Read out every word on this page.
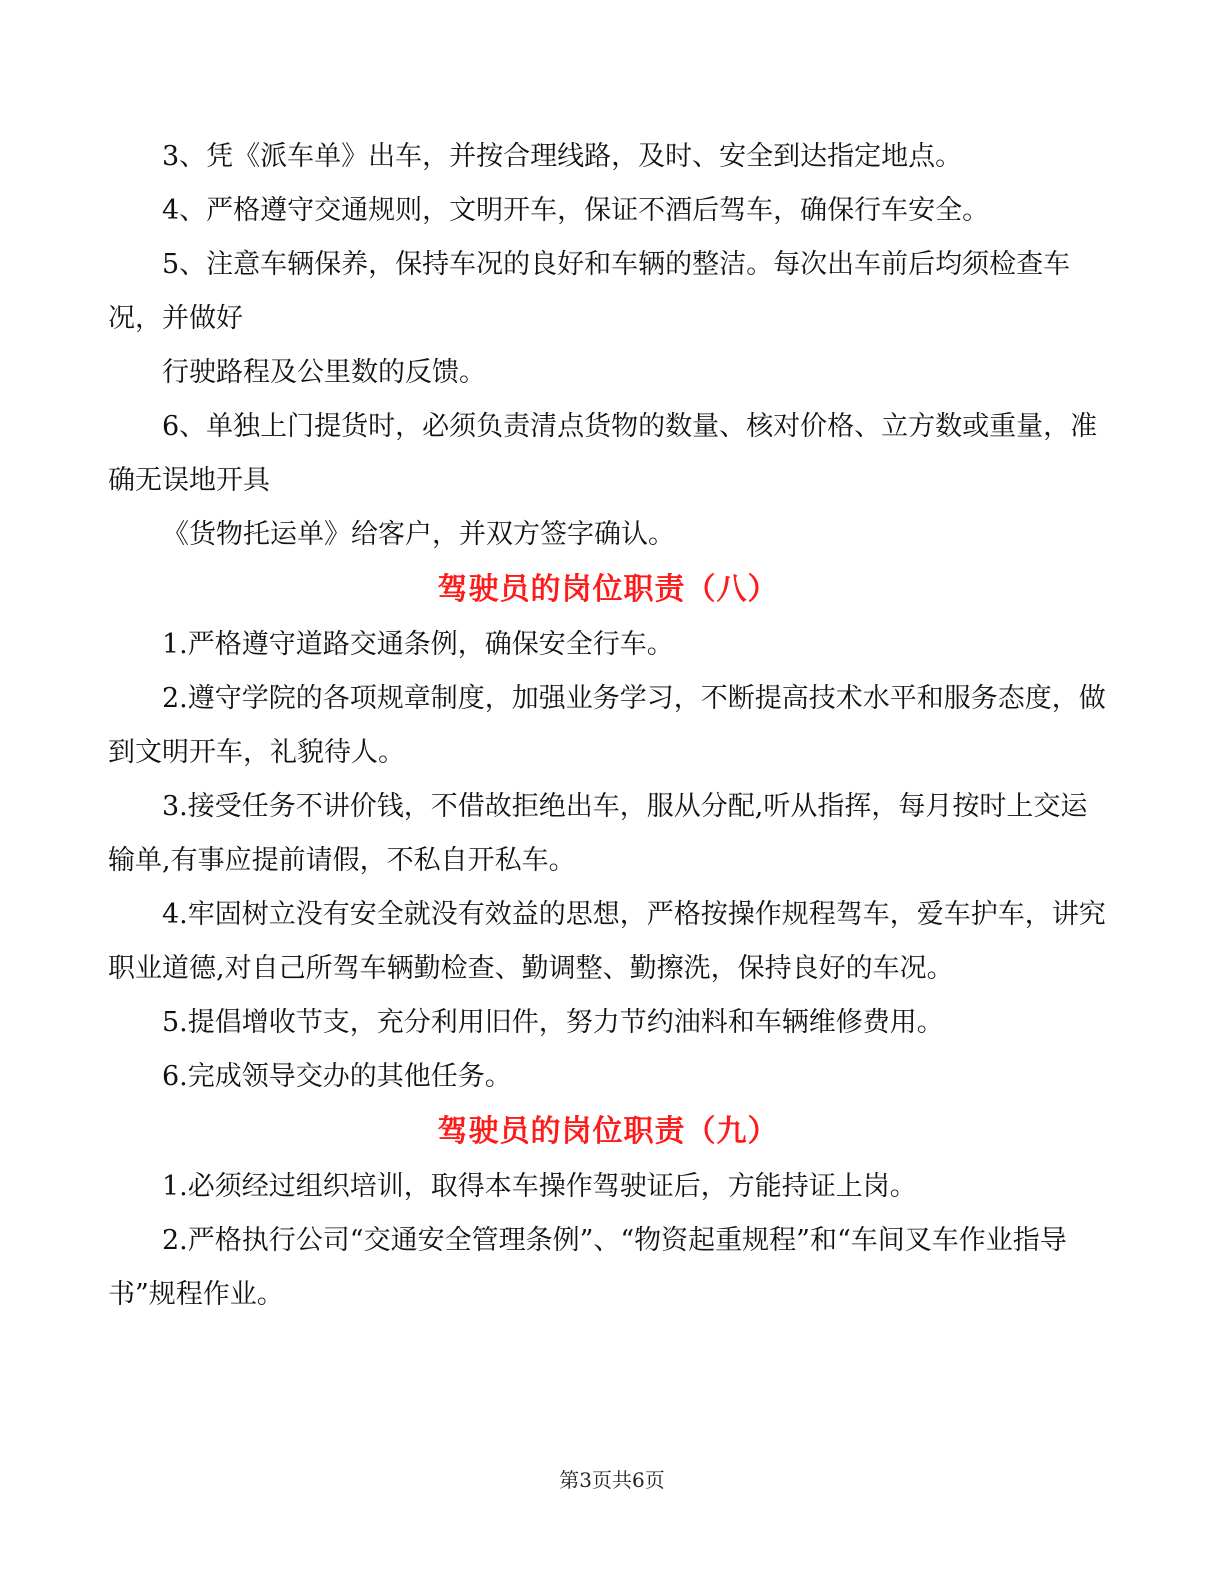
3、凭《派车单》出车，并按合理线路，及时、安全到达指定地点。

4、严格遵守交通规则，文明开车，保证不酒后驾车，确保行车安全。

5、注意车辆保养，保持车况的良好和车辆的整洁。每次出车前后均须检查车况，并做好

行驶路程及公里数的反馈。

6、单独上门提货时，必须负责清点货物的数量、核对价格、立方数或重量，准确无误地开具

《货物托运单》给客户，并双方签字确认。

驾驶员的岗位职责（八）

1.严格遵守道路交通条例，确保安全行车。

2.遵守学院的各项规章制度，加强业务学习，不断提高技术水平和服务态度，做到文明开车，礼貌待人。

3.接受任务不讲价钱，不借故拒绝出车，服从分配,听从指挥，每月按时上交运输单,有事应提前请假，不私自开私车。

4.牢固树立没有安全就没有效益的思想，严格按操作规程驾车，爱车护车，讲究职业道德,对自己所驾车辆勤检查、勤调整、勤擦洗，保持良好的车况。

5.提倡增收节支，充分利用旧件，努力节约油料和车辆维修费用。

6.完成领导交办的其他任务。

驾驶员的岗位职责（九）

1.必须经过组织培训，取得本车操作驾驶证后，方能持证上岗。

2.严格执行公司“交通安全管理条例”、“物资起重规程”和“车间叉车作业指导书”规程作业。

第3页共6页
